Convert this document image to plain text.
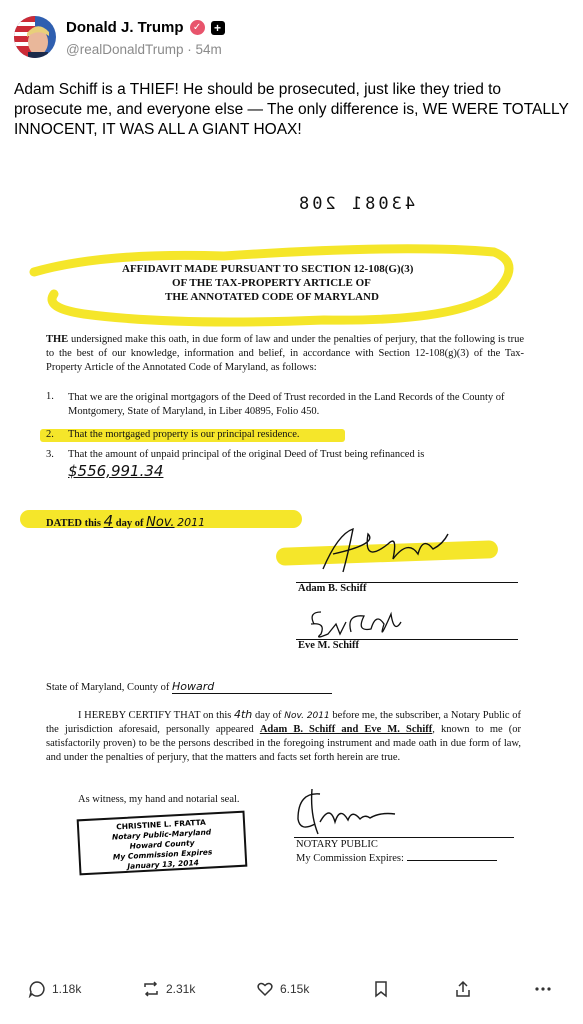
Donald J. Trump ✓ +
@realDonaldTrump · 54m
Adam Schiff is a THIEF! He should be prosecuted, just like they tried to prosecute me, and everyone else — The only difference is, WE WERE TOTALLY INNOCENT, IT WAS ALL A GIANT HOAX!
43081 208
AFFIDAVIT MADE PURSUANT TO SECTION 12-108(G)(3)
OF THE TAX-PROPERTY ARTICLE OF
THE ANNOTATED CODE OF MARYLAND
THE undersigned make this oath, in due form of law and under the penalties of perjury, that the following is true to the best of our knowledge, information and belief, in accordance with Section 12-108(g)(3) of the Tax-Property Article of the Annotated Code of Maryland, as follows:
1. That we are the original mortgagors of the Deed of Trust recorded in the Land Records of the County of Montgomery, State of Maryland, in Liber 40895, Folio 450.
2. That the mortgaged property is our principal residence.
3. That the amount of unpaid principal of the original Deed of Trust being refinanced is
$556,991.34
DATED this 4 day of Nov. 2011
Adam B. Schiff
Eve M. Schiff
State of Maryland, County of Howard
I HEREBY CERTIFY THAT on this 4th day of Nov. 2011 before me, the subscriber, a Notary Public of the jurisdiction aforesaid, personally appeared Adam B. Schiff and Eve M. Schiff, known to me (or satisfactorily proven) to be the persons described in the foregoing instrument and made oath in due form of law, and under the penalties of perjury, that the matters and facts set forth herein are true.
As witness, my hand and notarial seal.
CHRISTINE L. FRATTA
Notary Public-Maryland
Howard County
My Commission Expires
January 13, 2014
NOTARY PUBLIC
My Commission Expires:
1.18k	2.31k	6.15k
